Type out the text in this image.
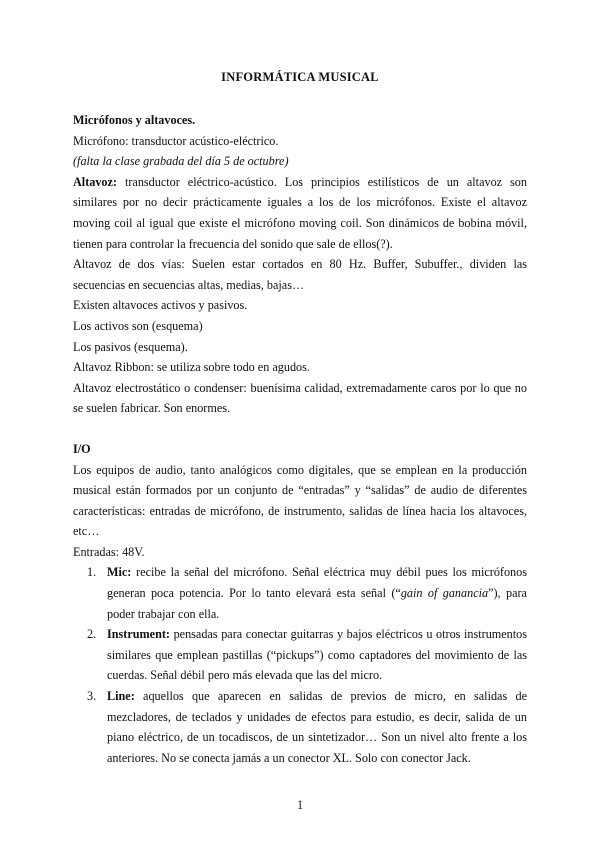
INFORMÁTICA MUSICAL

Micrófonos y altavoces.

Micrófono: transductor acústico-eléctrico.

(falta la clase grabada del día 5 de octubre)

Altavoz: transductor eléctrico-acústico. Los principios estilísticos de un altavoz son similares por no decir prácticamente iguales a los de los micrófonos. Existe el altavoz moving coil al igual que existe el micrófono moving coil. Son dinámicos de bobina móvil, tienen para controlar la frecuencia del sonido que sale de ellos(?).

Altavoz de dos vías: Suelen estar cortados en 80 Hz. Buffer, Subuffer., dividen las secuencias en secuencias altas, medias, bajas…

Existen altavoces activos y pasivos.

Los activos son (esquema)

Los pasivos (esquema).

Altavoz Ribbon: se utiliza sobre todo en agudos.

Altavoz electrostático o condenser: buenísima calidad, extremadamente caros por lo que no se suelen fabricar. Son enormes.

I/O

Los equipos de audio, tanto analógicos como digitales, que se emplean en la producción musical están formados por un conjunto de “entradas” y “salidas” de audio de diferentes características: entradas de micrófono, de instrumento, salidas de línea hacia los altavoces, etc…

Entradas: 48V.

1. Mic: recibe la señal del micrófono. Señal eléctrica muy débil pues los micrófonos generan poca potencia. Por lo tanto elevará esta señal (“gain of ganancia”), para poder trabajar con ella.
2. Instrument: pensadas para conectar guitarras y bajos eléctricos u otros instrumentos similares que emplean pastillas (“pickups”) como captadores del movimiento de las cuerdas. Señal débil pero más elevada que las del micro.
3. Line: aquellos que aparecen en salidas de previos de micro, en salidas de mezcladores, de teclados y unidades de efectos para estudio, es decir, salida de un piano eléctrico, de un tocadiscos, de un sintetizador… Son un nivel alto frente a los anteriores. No se conecta jamás a un conector XL. Solo con conector Jack.
1
